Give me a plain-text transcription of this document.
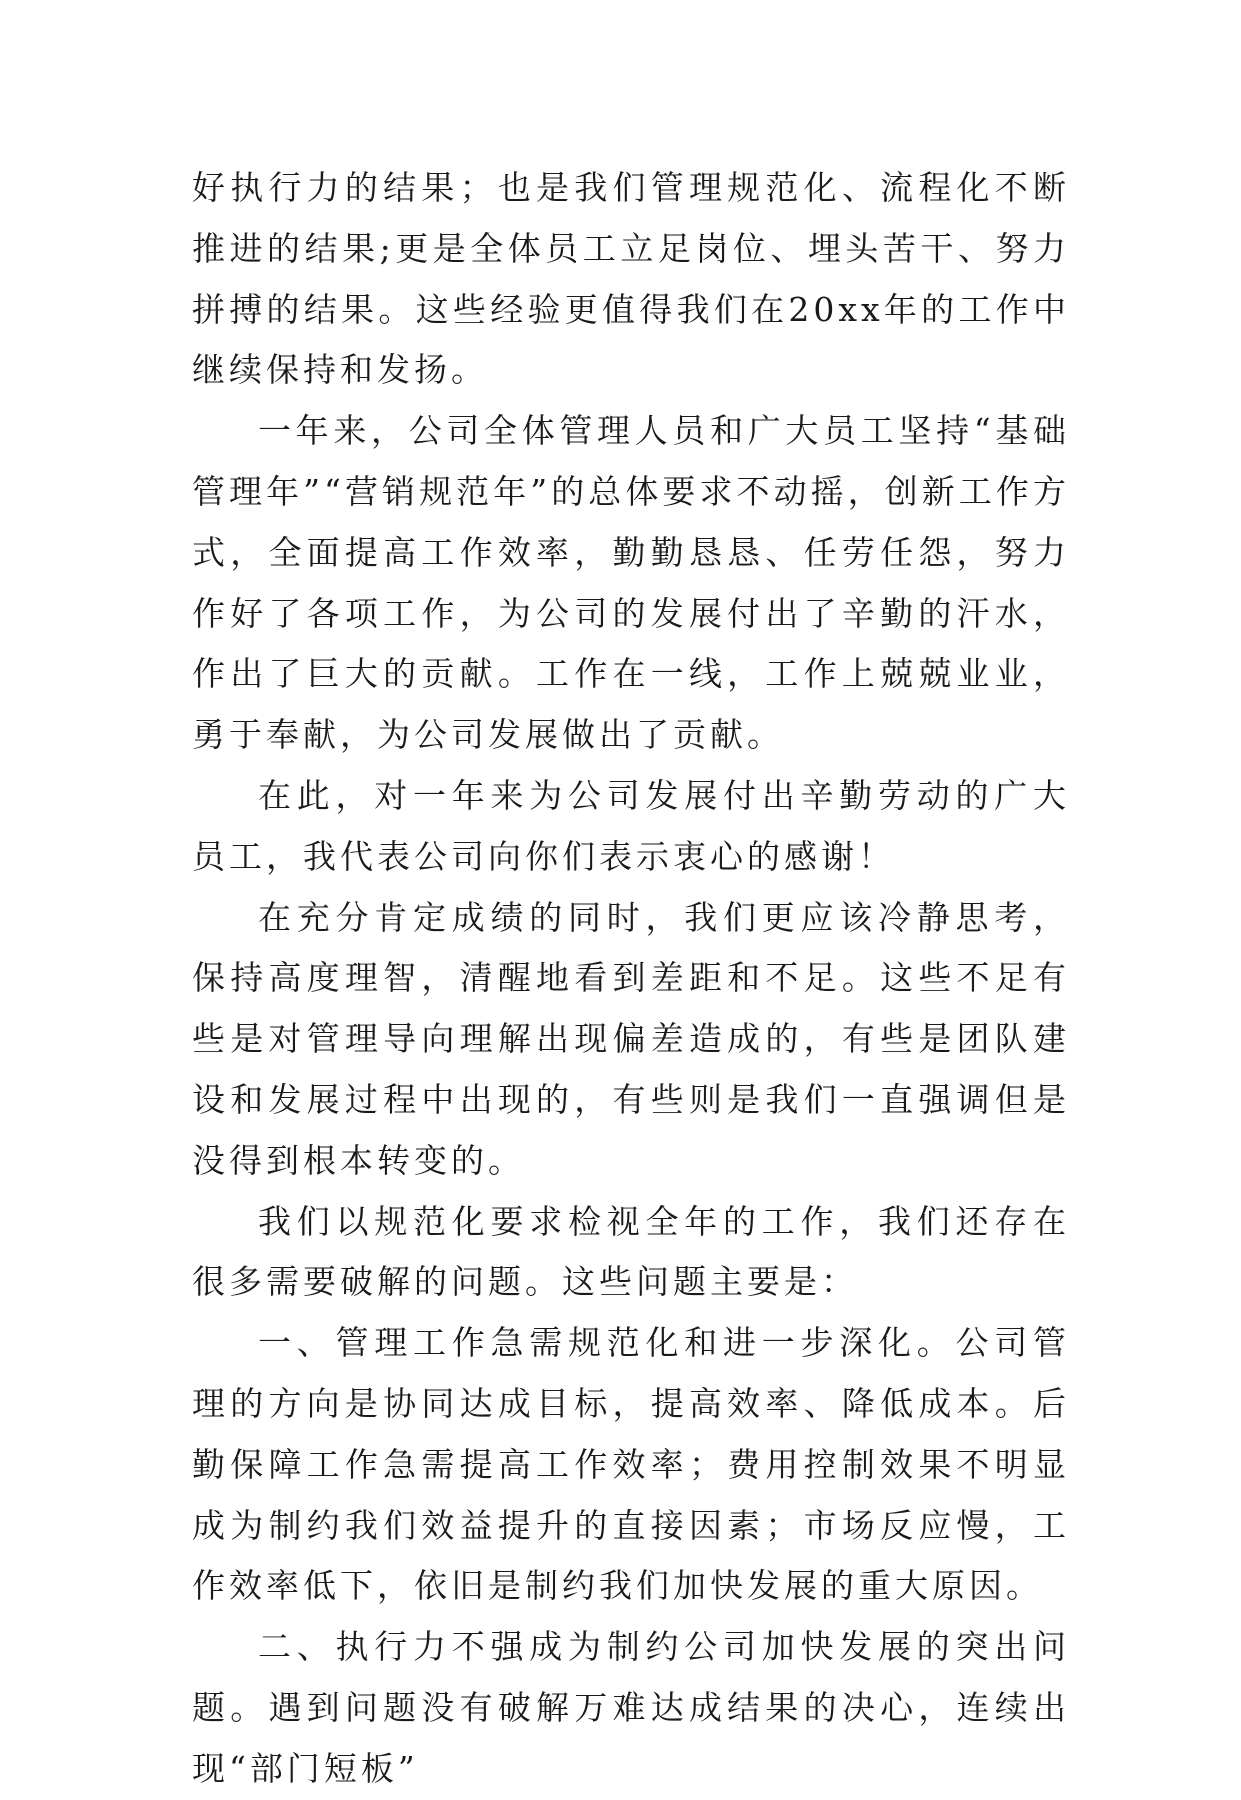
好执行力的结果；也是我们管理规范化、流程化不断推进的结果;更是全体员工立足岗位、埋头苦干、努力拼搏的结果。这些经验更值得我们在20xx年的工作中继续保持和发扬。

一年来，公司全体管理人员和广大员工坚持“基础管理年”“营销规范年”的总体要求不动摇，创新工作方式，全面提高工作效率，勤勤恳恳、任劳任怨，努力作好了各项工作，为公司的发展付出了辛勤的汗水，作出了巨大的贡献。工作在一线，工作上兢兢业业，勇于奉献，为公司发展做出了贡献。

在此，对一年来为公司发展付出辛勤劳动的广大员工，我代表公司向你们表示衷心的感谢！

在充分肯定成绩的同时，我们更应该冷静思考，保持高度理智，清醒地看到差距和不足。这些不足有些是对管理导向理解出现偏差造成的，有些是团队建设和发展过程中出现的，有些则是我们一直强调但是没得到根本转变的。

我们以规范化要求检视全年的工作，我们还存在很多需要破解的问题。这些问题主要是：

一、管理工作急需规范化和进一步深化。公司管理的方向是协同达成目标，提高效率、降低成本。后勤保障工作急需提高工作效率；费用控制效果不明显成为制约我们效益提升的直接因素；市场反应慢，工作效率低下，依旧是制约我们加快发展的重大原因。

二、执行力不强成为制约公司加快发展的突出问题。遇到问题没有破解万难达成结果的决心，连续出现“部门短板”
